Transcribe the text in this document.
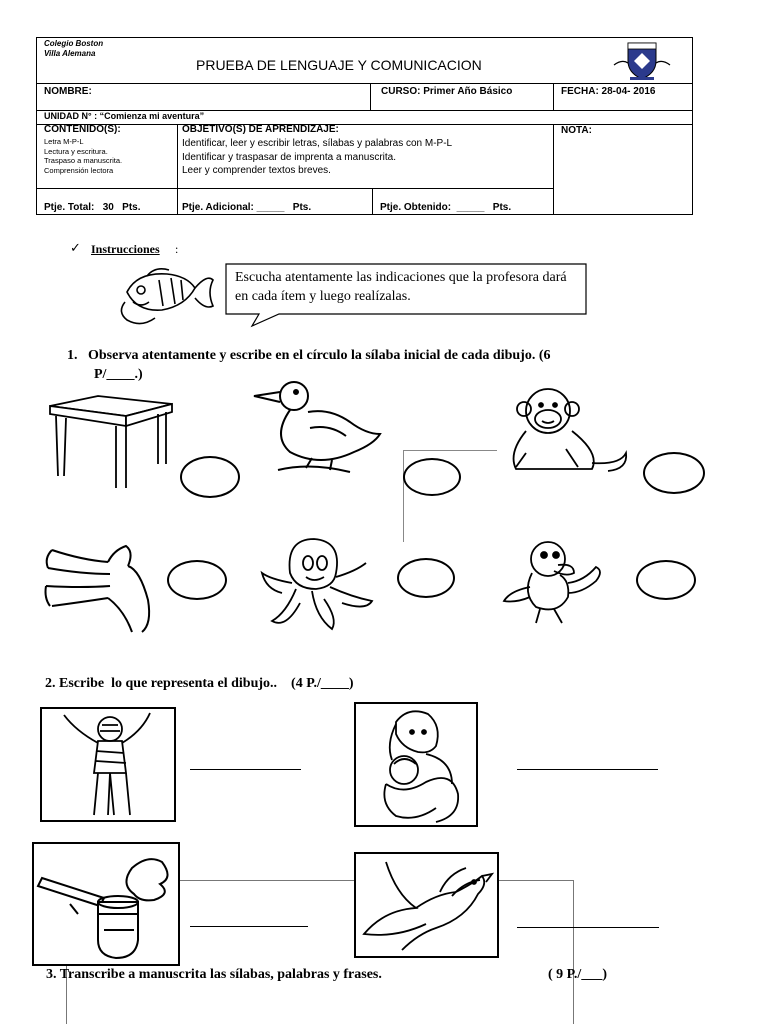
Colegio Boston
Villa Alemana
PRUEBA DE LENGUAJE Y COMUNICACION
NOMBRE:	CURSO: Primer Año Básico	FECHA: 28-04- 2016
UNIDAD N° : “Comienza mi aventura”
CONTENIDO(S):
Letra M-P-L
Lectura y escritura.
Traspaso a manuscrita.
Comprensión lectora
OBJETIVO(S) DE APRENDIZAJE:
Identificar, leer y escribir letras, sílabas y palabras con M-P-L
Identificar y traspasar de imprenta a manuscrita.
Leer y comprender textos breves.
NOTA:
Ptje. Total:   30   Pts.	Ptje. Adicional: _____   Pts.	Ptje. Obtenido:  _____   Pts.
✓ Instrucciones :
Escucha atentamente las indicaciones que la profesora dará en cada ítem y luego realízalas.
1.   Observa atentamente y escribe en el círculo la sílaba inicial de cada dibujo. (6
P/____.)
2. Escribe  lo que representa el dibujo..    (4 P./____)
3. Transcribe a manuscrita las sílabas, palabras y frases.	( 9 P./___)
